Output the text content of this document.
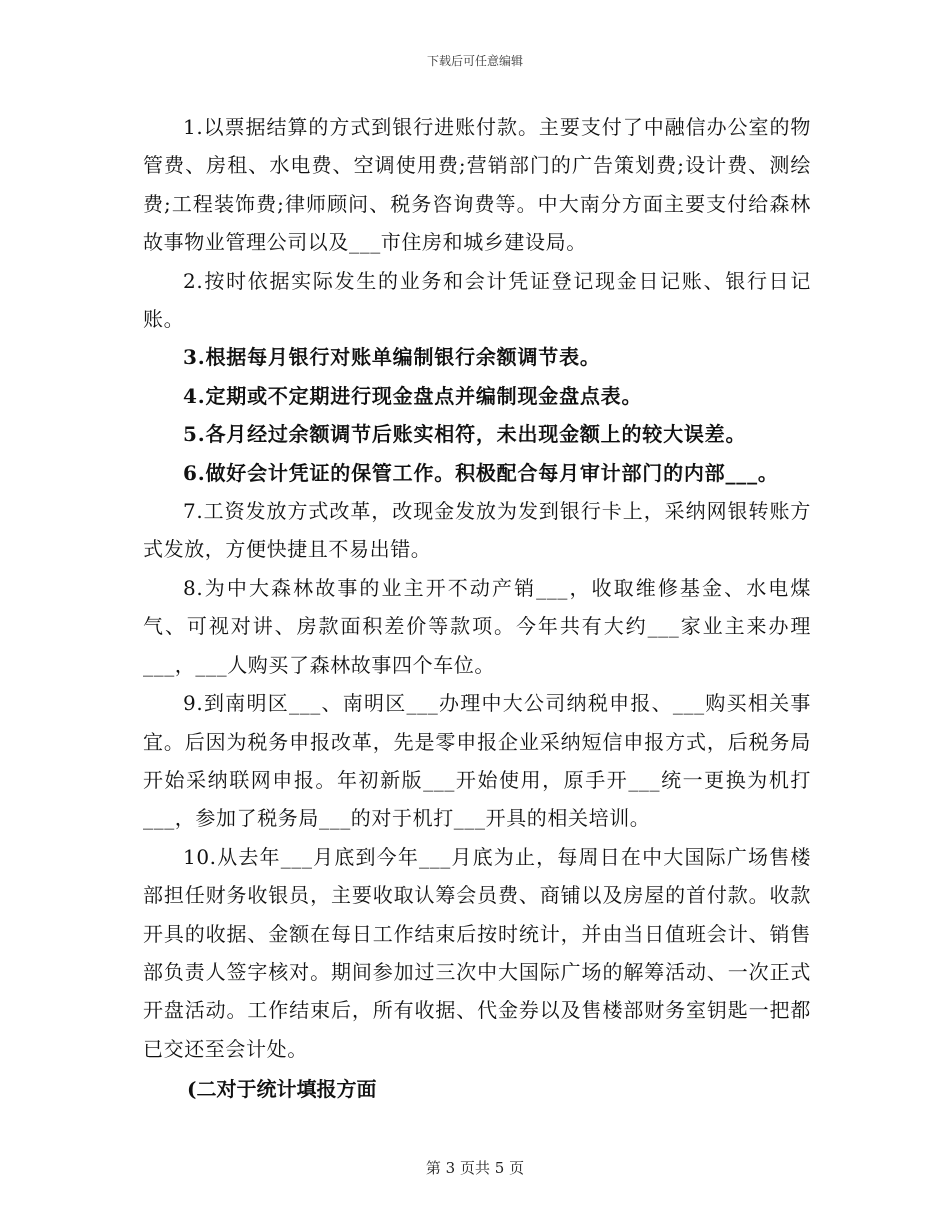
下载后可任意编辑

1.以票据结算的方式到银行进账付款。主要支付了中融信办公室的物管费、房租、水电费、空调使用费;营销部门的广告策划费;设计费、测绘费;工程装饰费;律师顾问、税务咨询费等。中大南分方面主要支付给森林故事物业管理公司以及___市住房和城乡建设局。

2.按时依据实际发生的业务和会计凭证登记现金日记账、银行日记账。

3.根据每月银行对账单编制银行余额调节表。

4.定期或不定期进行现金盘点并编制现金盘点表。

5.各月经过余额调节后账实相符，未出现金额上的较大误差。

6.做好会计凭证的保管工作。积极配合每月审计部门的内部___。

7.工资发放方式改革，改现金发放为发到银行卡上，采纳网银转账方式发放，方便快捷且不易出错。

8.为中大森林故事的业主开不动产销___，收取维修基金、水电煤气、可视对讲、房款面积差价等款项。今年共有大约___家业主来办理___，___人购买了森林故事四个车位。

9.到南明区___、南明区___办理中大公司纳税申报、___购买相关事宜。后因为税务申报改革，先是零申报企业采纳短信申报方式，后税务局开始采纳联网申报。年初新版___开始使用，原手开___统一更换为机打___，参加了税务局___的对于机打___开具的相关培训。

10.从去年___月底到今年___月底为止，每周日在中大国际广场售楼部担任财务收银员，主要收取认筹会员费、商铺以及房屋的首付款。收款开具的收据、金额在每日工作结束后按时统计，并由当日值班会计、销售部负责人签字核对。期间参加过三次中大国际广场的解筹活动、一次正式开盘活动。工作结束后，所有收据、代金券以及售楼部财务室钥匙一把都已交还至会计处。

(二对于统计填报方面

第 3 页共 5 页
